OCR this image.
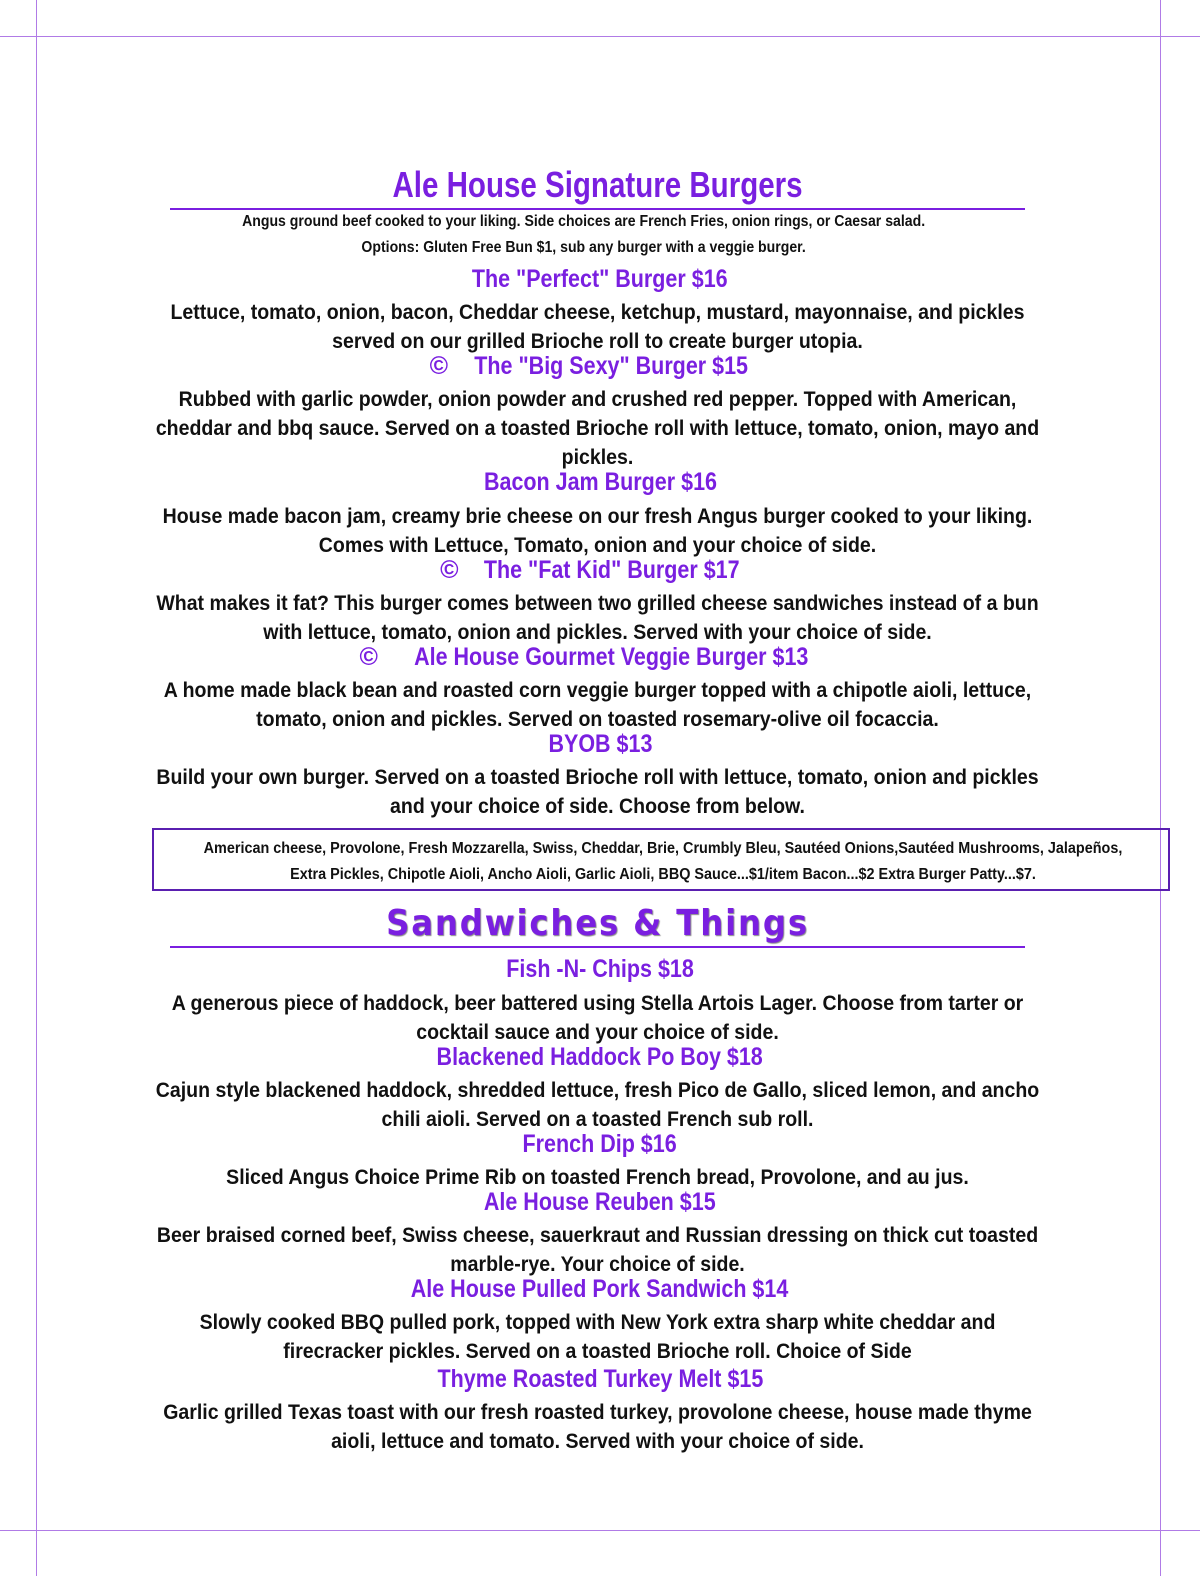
Ale House Signature Burgers
Angus ground beef cooked to your liking. Side choices are French Fries, onion rings, or Caesar salad.
Options: Gluten Free Bun $1, sub any burger with a veggie burger.
The "Perfect" Burger $16
Lettuce, tomato, onion, bacon, Cheddar cheese, ketchup, mustard, mayonnaise, and pickles served on our grilled Brioche roll to create burger utopia.
© The "Big Sexy" Burger $15
Rubbed with garlic powder, onion powder and crushed red pepper. Topped with American, cheddar and bbq sauce. Served on a toasted Brioche roll with lettuce, tomato, onion, mayo and pickles.
Bacon Jam Burger $16
House made bacon jam, creamy brie cheese on our fresh Angus burger cooked to your liking. Comes with Lettuce, Tomato, onion and your choice of side.
© The "Fat Kid" Burger $17
What makes it fat? This burger comes between two grilled cheese sandwiches instead of a bun with lettuce, tomato, onion and pickles. Served with your choice of side.
© Ale House Gourmet Veggie Burger $13
A home made black bean and roasted corn veggie burger topped with a chipotle aioli, lettuce, tomato, onion and pickles. Served on toasted rosemary-olive oil focaccia.
BYOB $13
Build your own burger. Served on a toasted Brioche roll with lettuce, tomato, onion and pickles and your choice of side. Choose from below.
American cheese, Provolone, Fresh Mozzarella, Swiss, Cheddar, Brie, Crumbly Bleu, Sautéed Onions,Sautéed Mushrooms, Jalapeños,
Extra Pickles, Chipotle Aioli, Ancho Aioli, Garlic Aioli, BBQ Sauce...$1/item Bacon...$2 Extra Burger Patty...$7.
Sandwiches & Things
Fish -N- Chips $18
A generous piece of haddock, beer battered using Stella Artois Lager. Choose from tarter or cocktail sauce and your choice of side.
Blackened Haddock Po Boy $18
Cajun style blackened haddock, shredded lettuce, fresh Pico de Gallo, sliced lemon, and ancho chili aioli. Served on a toasted French sub roll.
French Dip $16
Sliced Angus Choice Prime Rib on toasted French bread, Provolone, and au jus.
Ale House Reuben $15
Beer braised corned beef, Swiss cheese, sauerkraut and Russian dressing on thick cut toasted marble-rye. Your choice of side.
Ale House Pulled Pork Sandwich $14
Slowly cooked BBQ pulled pork, topped with New York extra sharp white cheddar and firecracker pickles. Served on a toasted Brioche roll. Choice of Side
Thyme Roasted Turkey Melt $15
Garlic grilled Texas toast with our fresh roasted turkey, provolone cheese, house made thyme aioli, lettuce and tomato. Served with your choice of side.
